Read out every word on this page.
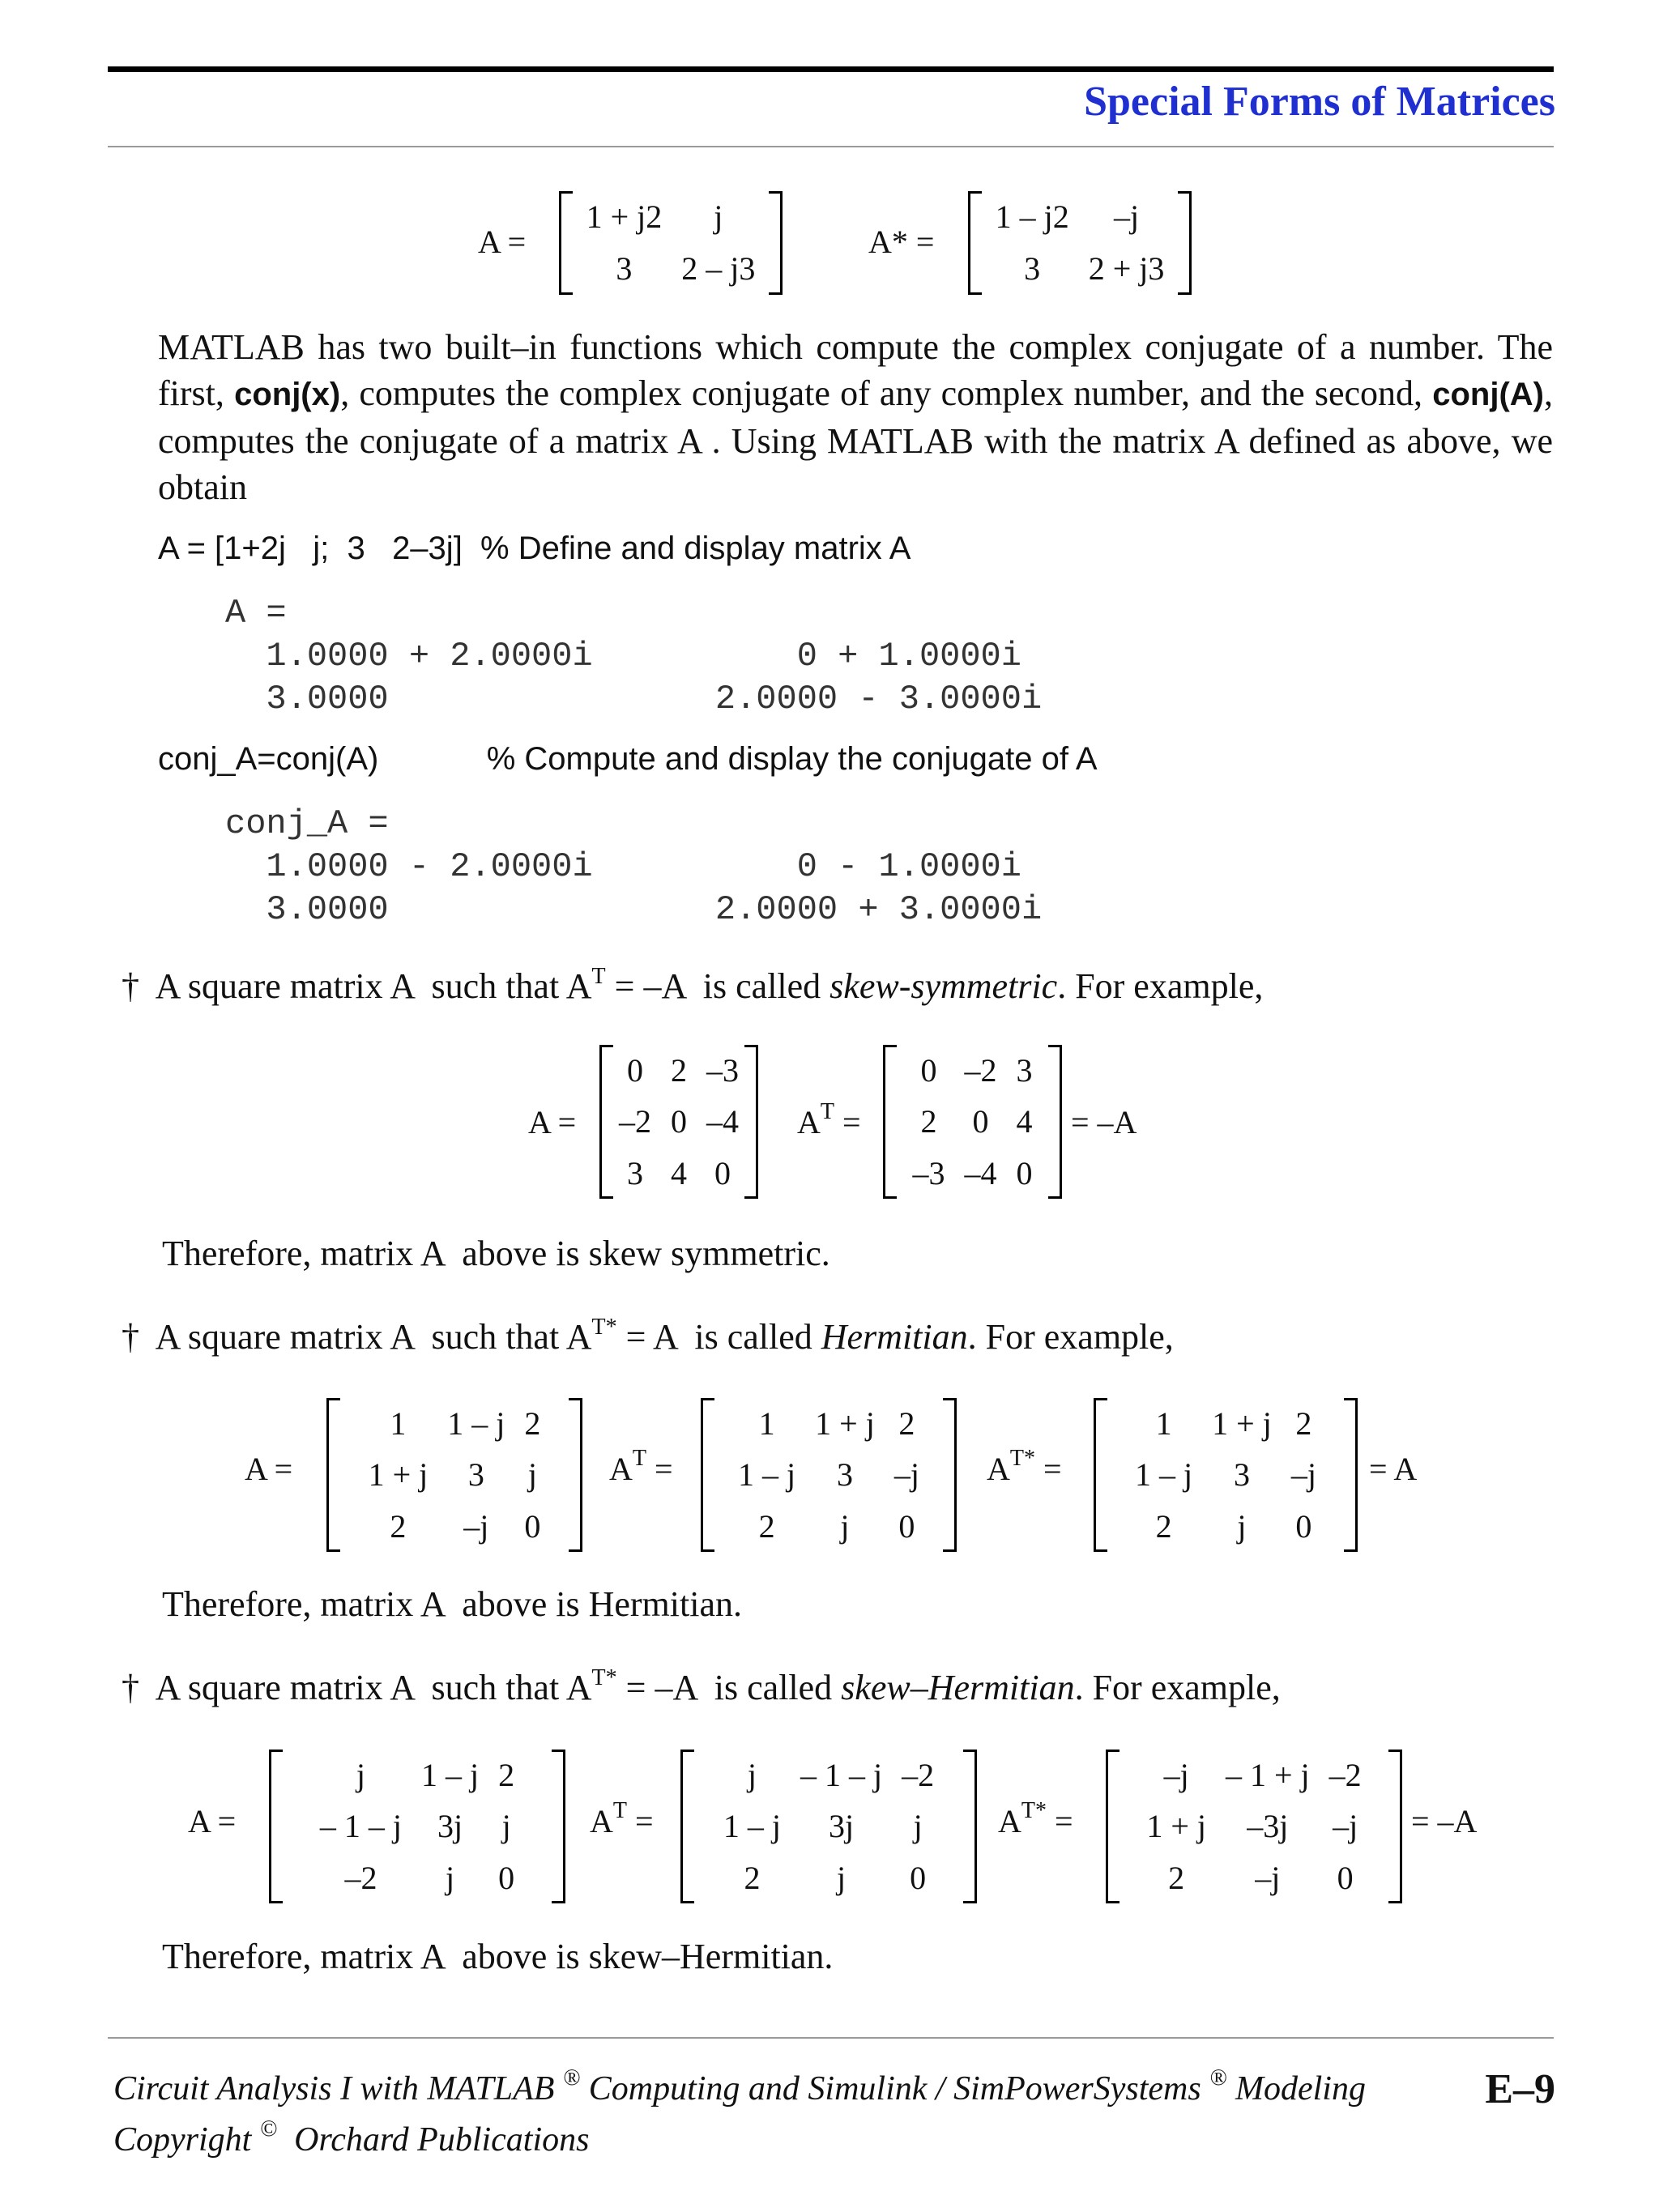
Special Forms of Matrices
A =
1 + j2	j
3	2 – j3
A* =
1 – j2	–j
3	2 + j3
MATLAB has two built–in functions which compute the complex conjugate of a number. The first, conj(x), computes the complex conjugate of any complex number, and the second, conj(A), computes the conjugate of a matrix A . Using MATLAB with the matrix A defined as above, we obtain
A = [1+2j   j;  3   2–3j]  % Define and display matrix A
A =
1.0000 + 2.0000i          0 + 1.0000i
3.0000                2.0000 - 3.0000i
conj_A=conj(A)            % Compute and display the conjugate of A
conj_A =
1.0000 - 2.0000i          0 - 1.0000i
3.0000                2.0000 + 3.0000i
† A square matrix A  such that $A^T = -A$  is called skew-symmetric. For example,
A =
0	2	–3
–2	0	–4
3	4	0
$A^T$ =
0	–2	3
2	0	4
–3	–4	0
= –A
Therefore, matrix A  above is skew symmetric.
† A square matrix A  such that $A^{T*} = A$  is called Hermitian. For example,
A =
1	1 – j	2
1 + j	3	j
2	–j	0
$A^T$ =
1	1 + j	2
1 – j	3	–j
2	j	0
$A^{T*}$ =
1	1 + j	2
1 – j	3	–j
2	j	0
= A
Therefore, matrix A  above is Hermitian.
† A square matrix A  such that $A^{T*} = -A$  is called skew–Hermitian. For example,
A =
j	1 – j	2
– 1 – j	3j	j
–2	j	0
$A^T$ =
j	– 1 – j	–2
1 – j	3j	j
2	j	0
$A^{T*}$ =
–j	– 1 + j	–2
1 + j	–3j	–j
2	–j	0
= –A
Therefore, matrix A  above is skew–Hermitian.
Circuit Analysis I with MATLAB ® Computing and Simulink / SimPowerSystems ® Modeling
Copyright ©  Orchard Publications
E–9
